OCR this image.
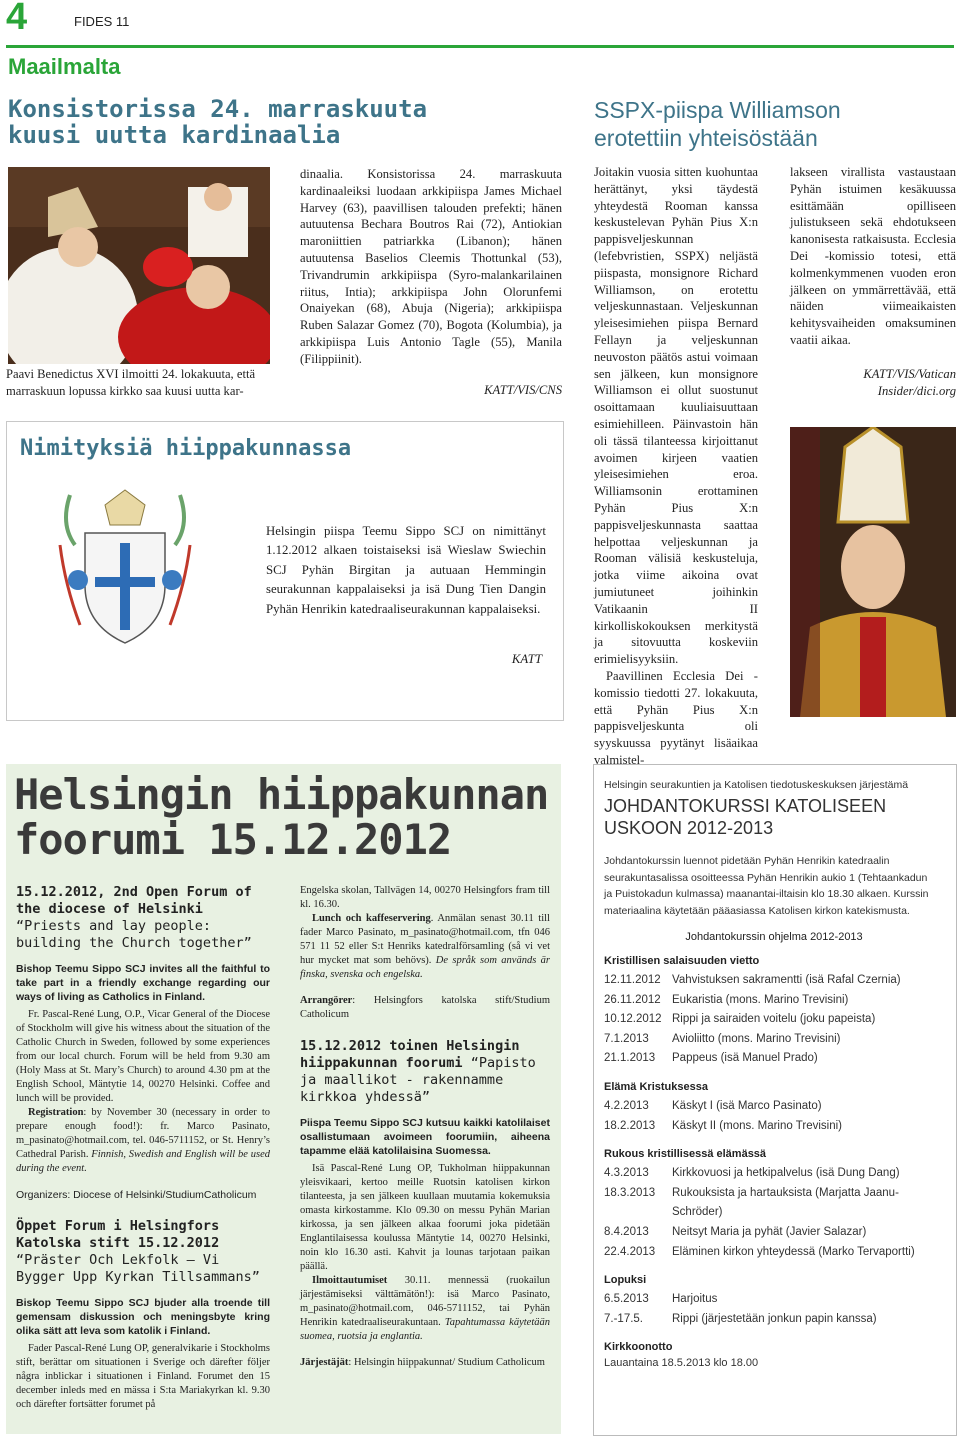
4	FIDES 11
Maailmalta
Konsistorissa 24. marraskuuta kuusi uutta kardinaalia
Paavi Benedictus XVI ilmoitti 24. lokakuuta, että marraskuun lopussa kirkko saa kuusi uutta kar-
dinaalia. Konsistorissa 24. marraskuuta kardinaaleiksi luodaan arkkipiispa James Michael Harvey (63), paavillisen talouden prefekti; hänen autuutensa Bechara Boutros Rai (72), Antiokian maroniittien patriarkka (Libanon); hänen autuutensa Baselios Cleemis Thottunkal (53), Trivandrumin arkkipiispa (Syro-malankarilainen riitus, Intia); arkkipiispa John Olorunfemi Onaiyekan (68), Abuja (Nigeria); arkkipiispa Ruben Salazar Gomez (70), Bogota (Kolumbia), ja arkkipiispa Luis Antonio Tagle (55), Manila (Filippiinit).
KATT/VIS/CNS
Nimityksiä hiippakunnassa
Helsingin piispa Teemu Sippo SCJ on nimittänyt 1.12.2012 alkaen toistaiseksi isä Wieslaw Swiechin SCJ Pyhän Birgitan ja autuaan Hemmingin seurakunnan kappalaiseksi ja isä Dung Tien Dangin Pyhän Henrikin katedraaliseurakunnan kappalaiseksi.
KATT
SSPX-piispa Williamson erotettiin yhteisöstään

Joitakin vuosia sitten kuohuntaa herättänyt, yksi täydestä yhteydestä Rooman kanssa keskustelevan Pyhän Pius X:n pappisveljeskunnan (lefebvristien, SSPX) neljästä piispasta, monsignore Richard Williamson, on erotettu veljeskunnastaan. Veljeskunnan yleisesimiehen piispa Bernard Fellayn ja veljeskunnan neuvoston päätös astui voimaan sen jälkeen, kun monsignore Williamson ei ollut suostunut osoittamaan kuuliaisuuttaan esimiehilleen. Päinvastoin hän oli tässä tilanteessa kirjoittanut avoimen kirjeen vaatien yleisesimiehen eroa. Williamsonin erottaminen Pyhän Pius X:n pappisveljeskunnasta saattaa helpottaa veljeskunnan ja Rooman välisiä keskusteluja, jotka viime aikoina ovat jumiutuneet joihinkin Vatikaanin II kirkolliskokouksen merkitystä ja sitovuutta koskeviin erimielisyyksiin.

Paavillinen Ecclesia Dei -komissio tiedotti 27. lokakuuta, että Pyhän Pius X:n pappisveljeskunta oli syyskuussa pyytänyt lisäaikaa valmistel-

lakseen virallista vastaustaan Pyhän istuimen kesäkuussa esittämään opilliseen julistukseen sekä ehdotukseen kanonisesta ratkaisusta. Ecclesia Dei -komissio totesi, että kolmenkymmenen vuoden eron jälkeen on ymmärrettävää, että näiden viimeaikaisten kehitysvaiheiden omaksuminen vaatii aikaa.
KATT/VIS/Vatican Insider/dici.org
Helsingin hiippakunnan
foorumi 15.12.2012
15.12.2012, 2nd Open Forum of the diocese of Helsinki “Priests and lay people: building the Church together”

Bishop Teemu Sippo SCJ invites all the faithful to take part in a friendly exchange regarding our ways of living as Catholics in Finland.

Fr. Pascal-René Lung, O.P., Vicar General of the Diocese of Stockholm will give his witness about the situation of the Catholic Church in Sweden, followed by some experiences from our local church. Forum will be held from 9.30 am (Holy Mass at St. Mary’s Church) to around 4.30 pm at the English School, Mäntytie 14, 00270 Helsinki. Coffee and lunch will be provided.

Registration: by November 30 (necessary in order to prepare enough food!): fr. Marco Pasinato, m_pasinato@hotmail.com, tel. 046-5711152, or St. Henry’s Cathedral Parish. Finnish, Swedish and English will be used during the event.

Organizers: Diocese of Helsinki/StudiumCatholicum

Öppet Forum i Helsingfors Katolska stift 15.12.2012 “Präster Och Lekfolk – Vi Bygger Upp Kyrkan Tillsammans”

Biskop Teemu Sippo SCJ bjuder alla troende till gemensam diskussion och meningsbyte kring olika sätt att leva som katolik i Finland.

Fader Pascal-René Lung OP, generalvikarie i Stockholms stift, berättar om situationen i Sverige och därefter följer några inblickar i situationen i Finland. Forumet den 15 december inleds med en mässa i S:ta Mariakyrkan kl. 9.30 och därefter fortsätter forumet på

Engelska skolan, Tallvägen 14, 00270 Helsingfors fram till kl. 16.30.

Lunch och kaffeservering. Anmälan senast 30.11 till fader Marco Pasinato, m_pasinato@hotmail.com, tfn 046 571 11 52 eller S:t Henriks katedralförsamling (så vi vet hur mycket mat som behövs). De språk som används är finska, svenska och engelska.

Arrangörer: Helsingfors katolska stift/Studium Catholicum

15.12.2012 toinen Helsingin hiippakunnan foorumi “Papisto ja maallikot - rakennamme kirkkoa yhdessä”

Piispa Teemu Sippo SCJ kutsuu kaikki katolilaiset osallistumaan avoimeen foorumiin, aiheena tapamme elää katolilaisina Suomessa.

Isä Pascal-René Lung OP, Tukholman hiippakunnan yleisvikaari, kertoo meille Ruotsin katolisen kirkon tilanteesta, ja sen jälkeen kuullaan muutamia kokemuksia omasta kirkostamme. Klo 09.30 on messu Pyhän Marian kirkossa, ja sen jälkeen alkaa foorumi joka pidetään Englantilaisessa koulussa Mäntytie 14, 00270 Helsinki, noin klo 16.30 asti. Kahvit ja lounas tarjotaan paikan päällä.

Ilmoittautumiset 30.11. mennessä (ruokailun järjestämiseksi välttämätön!): isä Marco Pasinato, m_pasinato@hotmail.com, 046-5711152, tai Pyhän Henrikin katedraaliseurakuntaan. Tapahtumassa käytetään suomea, ruotsia ja englantia.

Järjestäjät: Helsingin hiippakunnat/ Studium Catholicum

Helsingin seurakuntien ja Katolisen tiedotuskeskuksen järjestämä
JOHDANTOKURSSI KATOLISEEN
USKOON 2012-2013
Johdantokurssin luennot pidetään Pyhän Henrikin katedraalin seurakuntasalissa osoitteessa Pyhän Henrikin aukio 1 (Tehtaankadun ja Puistokadun kulmassa) maanantai-iltaisin klo 18.30 alkaen. Kurssin materiaalina käytetään pääasiassa Katolisen kirkon katekismusta.
Johdantokurssin ohjelma 2012-2013
Kristillisen salaisuuden vietto
12.11.2012 Vahvistuksen sakramentti (isä Rafal Czernia)
26.11.2012 Eukaristia (mons. Marino Trevisini)
10.12.2012 Rippi ja sairaiden voitelu (joku papeista)
7.1.2013	Avioliitto (mons. Marino Trevisini)
21.1.2013	Pappeus (isä Manuel Prado)
Elämä Kristuksessa
4.2.2013	Käskyt I (isä Marco Pasinato)
18.2.2013	Käskyt II (mons. Marino Trevisini)
Rukous kristillisessä elämässä
4.3.2013	Kirkkovuosi ja hetkipalvelus (isä Dung Dang)
18.3.2013	Rukouksista ja hartauksista (Marjatta Jaanu-Schröder)
8.4.2013	Neitsyt Maria ja pyhät (Javier Salazar)
22.4.2013	Eläminen kirkon yhteydessä (Marko Tervaportti)
Lopuksi
6.5.2013	Harjoitus
7.-17.5.	Rippi (järjestetään jonkun papin kanssa)
Kirkkoonotto
Lauantaina 18.5.2013 klo 18.00
